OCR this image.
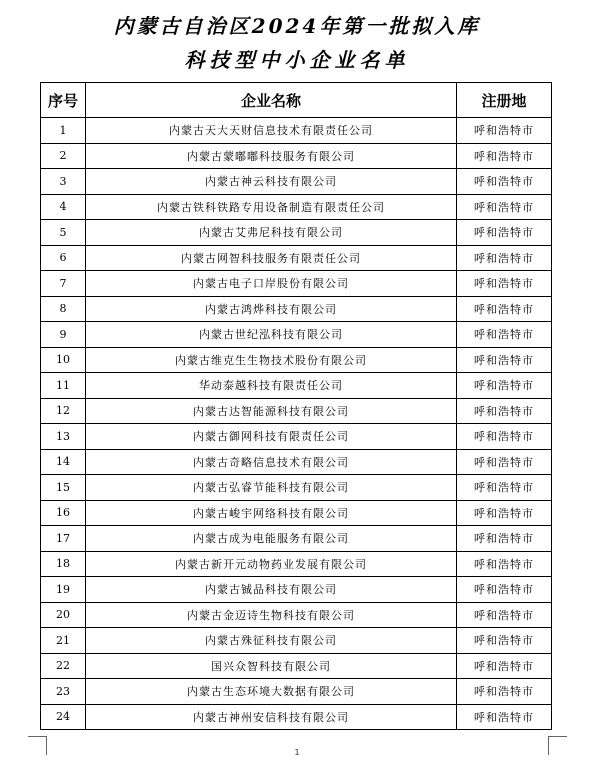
内蒙古自治区2024年第一批拟入库
科技型中小企业名单
序号	企业名称	注册地
1	内蒙古天大天财信息技术有限责任公司	呼和浩特市
2	内蒙古蒙嘟嘟科技服务有限公司	呼和浩特市
3	内蒙古神云科技有限公司	呼和浩特市
4	内蒙古铁科铁路专用设备制造有限责任公司	呼和浩特市
5	内蒙古艾弗尼科技有限公司	呼和浩特市
6	内蒙古网智科技服务有限责任公司	呼和浩特市
7	内蒙古电子口岸股份有限公司	呼和浩特市
8	内蒙古鸿烨科技有限公司	呼和浩特市
9	内蒙古世纪泓科技有限公司	呼和浩特市
10	内蒙古维克生生物技术股份有限公司	呼和浩特市
11	华动泰越科技有限责任公司	呼和浩特市
12	内蒙古达智能源科技有限公司	呼和浩特市
13	内蒙古御网科技有限责任公司	呼和浩特市
14	内蒙古奇略信息技术有限公司	呼和浩特市
15	内蒙古弘睿节能科技有限公司	呼和浩特市
16	内蒙古峻宇网络科技有限公司	呼和浩特市
17	内蒙古成为电能服务有限公司	呼和浩特市
18	内蒙古新开元动物药业发展有限公司	呼和浩特市
19	内蒙古铖品科技有限公司	呼和浩特市
20	内蒙古金迈诗生物科技有限公司	呼和浩特市
21	内蒙古殊征科技有限公司	呼和浩特市
22	国兴众智科技有限公司	呼和浩特市
23	内蒙古生态环境大数据有限公司	呼和浩特市
24	内蒙古神州安信科技有限公司	呼和浩特市
1
